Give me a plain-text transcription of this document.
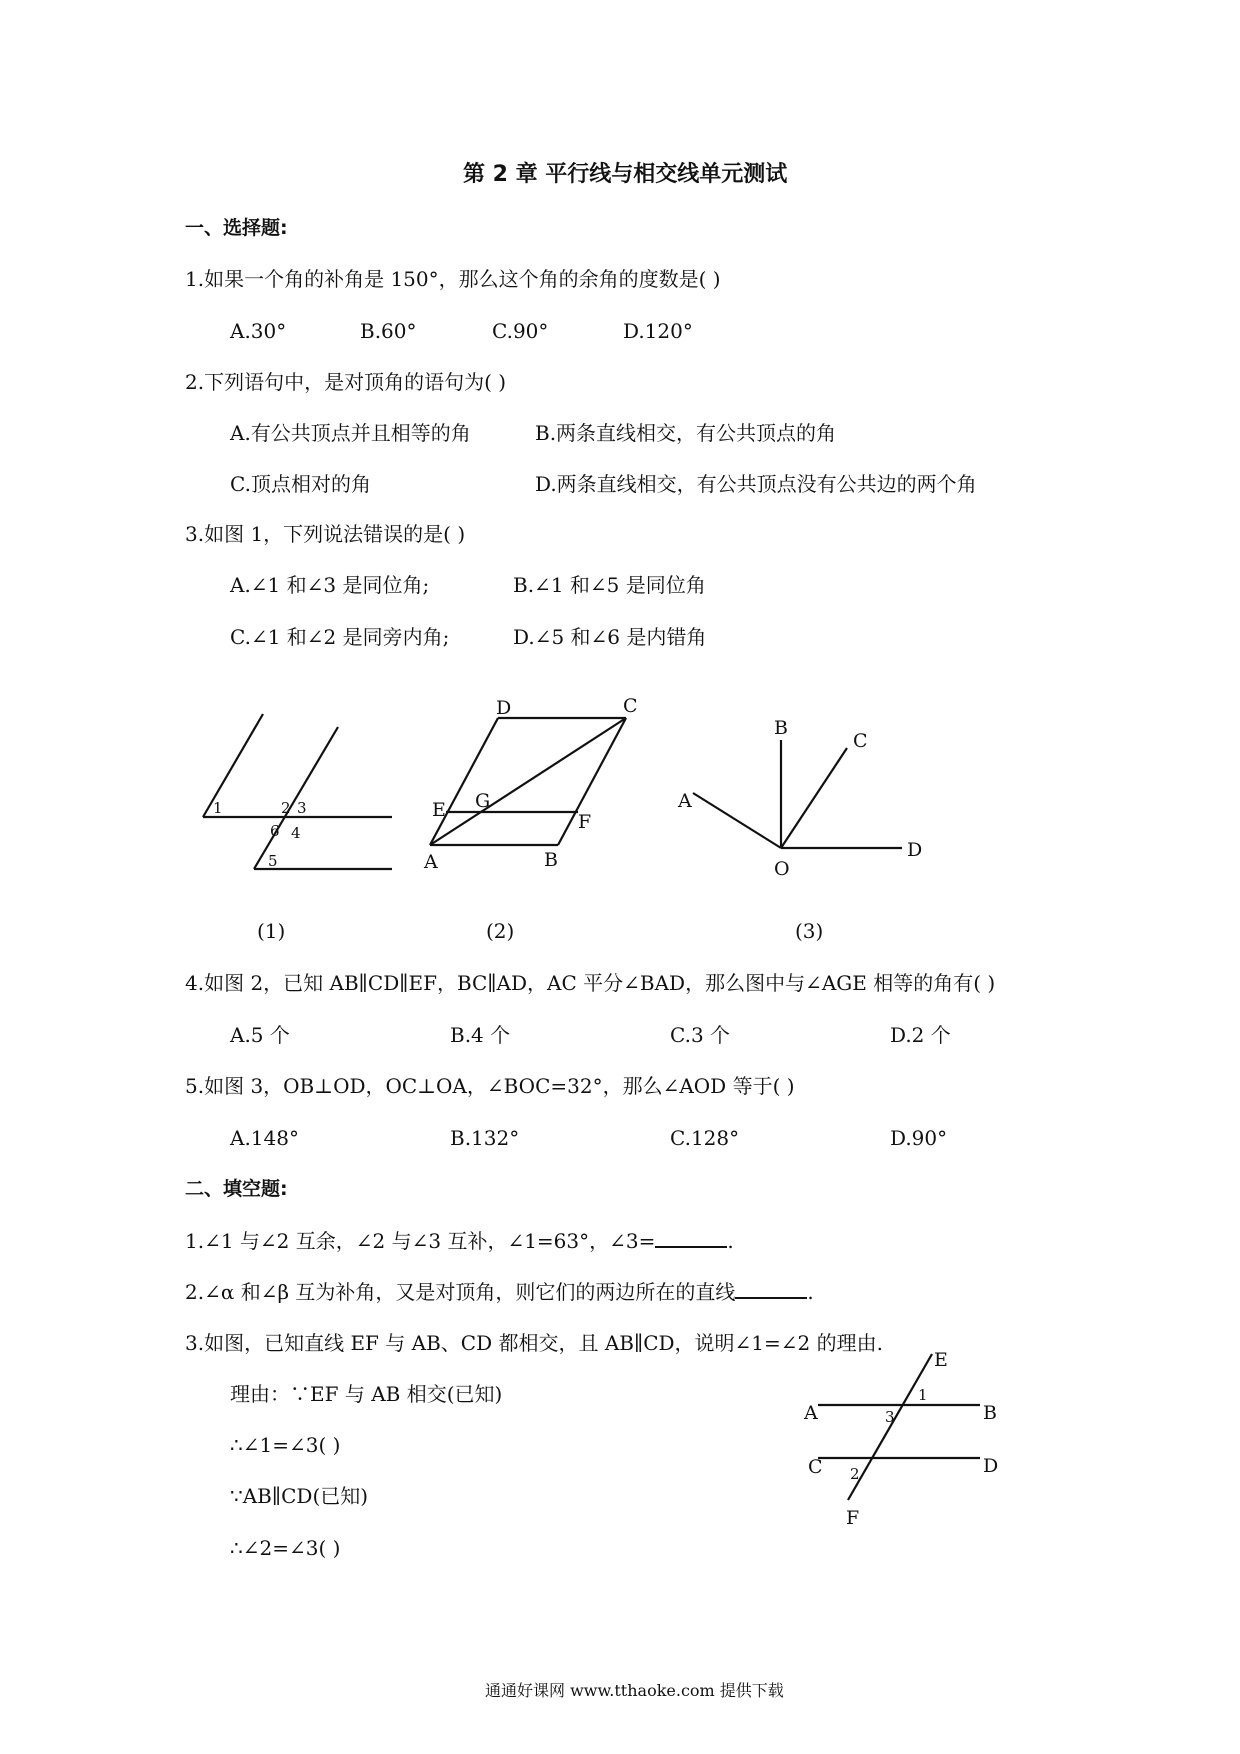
第 2 章 平行线与相交线单元测试
一、选择题:
1.如果一个角的补角是 150°，那么这个角的余角的度数是( )
A.30°	B.60°	C.90°	D.120°
2.下列语句中，是对顶角的语句为( )
A.有公共顶点并且相等的角	B.两条直线相交，有公共顶点的角
C.顶点相对的角	D.两条直线相交，有公共顶点没有公共边的两个角
3.如图 1，下列说法错误的是( )
A.∠1 和∠3 是同位角;	B.∠1 和∠5 是同位角
C.∠1 和∠2 是同旁内角;	D.∠5 和∠6 是内错角
1	2 3
6 4
5
(1)
D	C
E G
F
A	B
(2)
B
C
A
D
O
(3)
E
A
1
3	B
C 2	D
F
4.如图 2，已知 AB∥CD∥EF，BC∥AD，AC 平分∠BAD，那么图中与∠AGE 相等的角有( )
A.5 个	B.4 个	C.3 个	D.2 个
5.如图 3，OB⊥OD，OC⊥OA，∠BOC=32°，那么∠AOD 等于( )
A.148°	B.132°	C.128°	D.90°
二、填空题:
1.∠1 与∠2 互余，∠2 与∠3 互补，∠1=63°，∠3=	.
2.∠α 和∠β 互为补角，又是对顶角，则它们的两边所在的直线	.
3.如图，已知直线 EF 与 AB、CD 都相交，且 AB∥CD，说明∠1=∠2 的理由.
理由：∵EF 与 AB 相交(已知)
∴∠1=∠3( )
∵AB∥CD(已知)
∴∠2=∠3( )
通通好课网 www.tthaoke.com 提供下载
